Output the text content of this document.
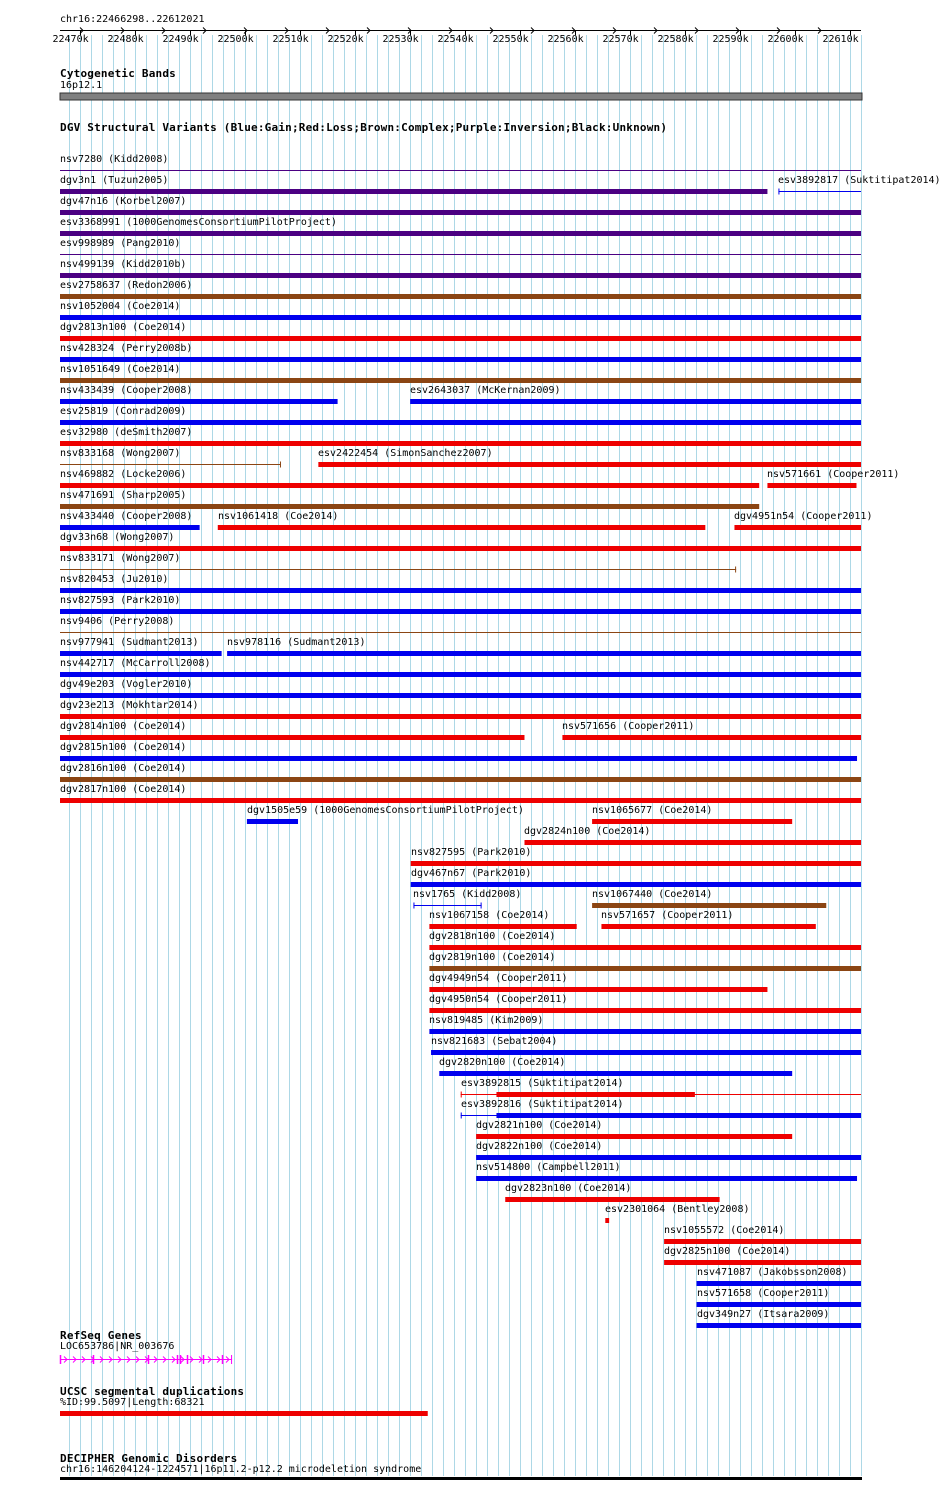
chr16:22466298..22612021
Cytogenetic Bands
16p12.1
DGV Structural Variants (Blue:Gain;Red:Loss;Brown:Complex;Purple:Inversion;Black:Unknown)
RefSeq Genes
LOC653786|NR_003676
UCSC segmental duplications
%ID:99.5097|Length:68321
DECIPHER Genomic Disorders
chr16:146204124-1224571|16p11.2-p12.2 microdeletion syndrome
22470k 22480k 22490k 22500k 22510k 22520k 22530k 22540k 22550k 22560k 22570k 22580k 22590k 22600k 22610k
nsv7280 (Kidd2008)
dgv3n1 (Tuzun2005)	esv3892817 (Suktitipat2014)
dgv47n16 (Korbel2007)
esv3368991 (1000GenomesConsortiumPilotProject)
esv998989 (Pang2010)
nsv499139 (Kidd2010b)
esv2758637 (Redon2006)
nsv1052004 (Coe2014)
dgv2813n100 (Coe2014)
nsv428324 (Perry2008b)
nsv1051649 (Coe2014)
nsv433439 (Cooper2008)	esv2643037 (McKernan2009)
esv25819 (Conrad2009)
esv32980 (deSmith2007)
nsv833168 (Wong2007)	esv2422454 (SimonSanchez2007)
nsv469882 (Locke2006)	nsv571661 (Cooper2011)
nsv471691 (Sharp2005)
nsv433440 (Cooper2008)	nsv1061418 (Coe2014)	dgv4951n54 (Cooper2011)
dgv33n68 (Wong2007)
nsv833171 (Wong2007)
nsv820453 (Ju2010)
nsv827593 (Park2010)
nsv9406 (Perry2008)
nsv977941 (Sudmant2013)	nsv978116 (Sudmant2013)
nsv442717 (McCarroll2008)
dgv49e203 (Vogler2010)
dgv23e213 (Mokhtar2014)
dgv2814n100 (Coe2014)	nsv571656 (Cooper2011)
dgv2815n100 (Coe2014)
dgv2816n100 (Coe2014)
dgv2817n100 (Coe2014)
dgv1505e59 (1000GenomesConsortiumPilotProject)
dgv2824n100 (Coe2014)
nsv827595 (Park2010)
dgv467n67 (Park2010)
nsv1765 (Kidd2008)
nsv1065677 (Coe2014)
nsv1067158 (Coe2014)
nsv1067440 (Coe2014)
dgv2818n100 (Coe2014)
dgv2819n100 (Coe2014)
dgv4949n54 (Cooper2011)
dgv4950n54 (Cooper2011)
nsv819485 (Kim2009)
nsv821683 (Sebat2004)
dgv2820n100 (Coe2014)
esv3892815 (Suktitipat2014)
esv3892816 (Suktitipat2014)
dgv2821n100 (Coe2014)
dgv2822n100 (Coe2014)
nsv514800 (Campbell2011)
dgv2823n100 (Coe2014)
nsv571657 (Cooper2011)
esv2301064 (Bentley2008)
nsv1055572 (Coe2014)
dgv2825n100 (Coe2014)
nsv471087 (Jakobsson2008)
nsv571658 (Cooper2011)
dgv349n27 (Itsara2009)
